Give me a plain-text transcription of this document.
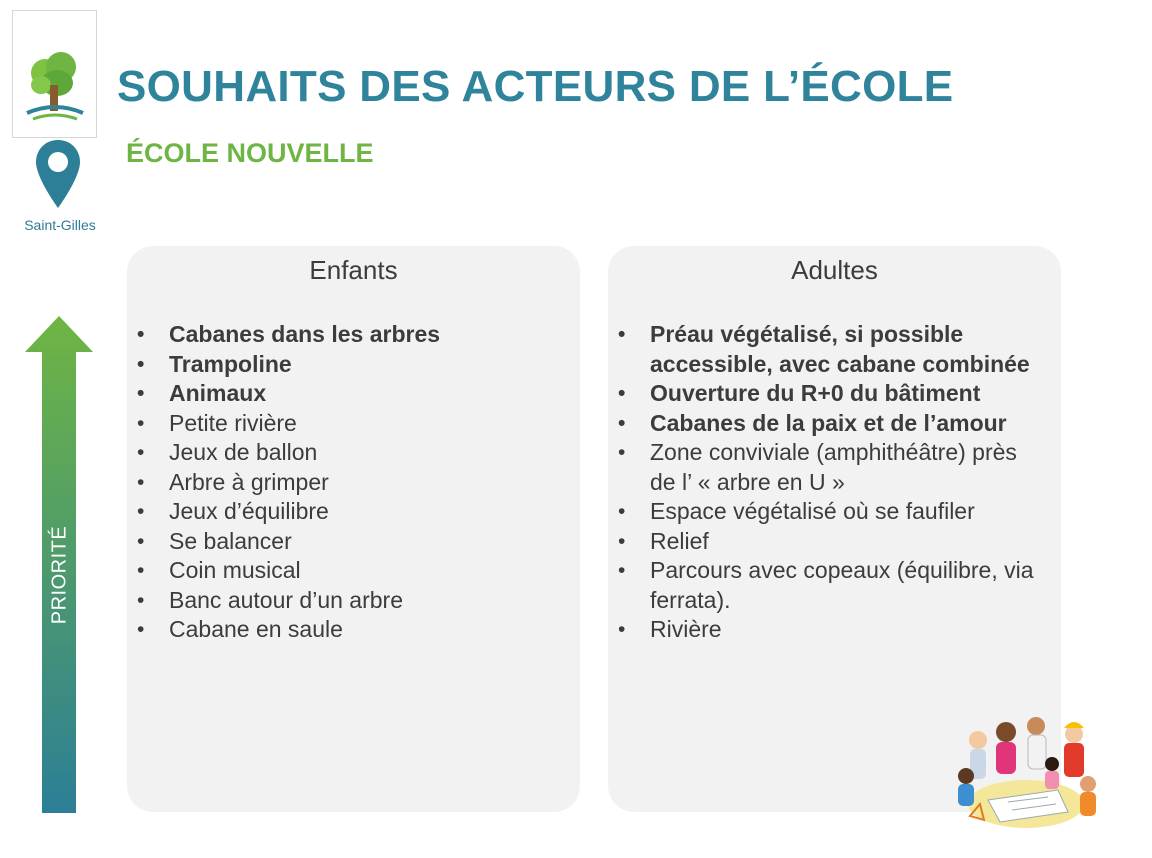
Saint-Gilles
SOUHAITS DES ACTEURS DE L’ÉCOLE
ÉCOLE NOUVELLE
PRIORITÉ
Enfants
• Cabanes dans les arbres
• Trampoline
• Animaux
• Petite rivière
• Jeux de ballon
• Arbre à grimper
• Jeux d’équilibre
• Se balancer
• Coin musical
• Banc autour d’un arbre
• Cabane en saule
Adultes
• Préau végétalisé, si possible accessible, avec cabane combinée
• Ouverture du R+0 du bâtiment
• Cabanes de la paix et de l’amour
• Zone conviviale (amphithéâtre) près de l’ « arbre en U »
• Espace végétalisé où se faufiler
• Relief
• Parcours avec copeaux (équilibre, via ferrata).
• Rivière
